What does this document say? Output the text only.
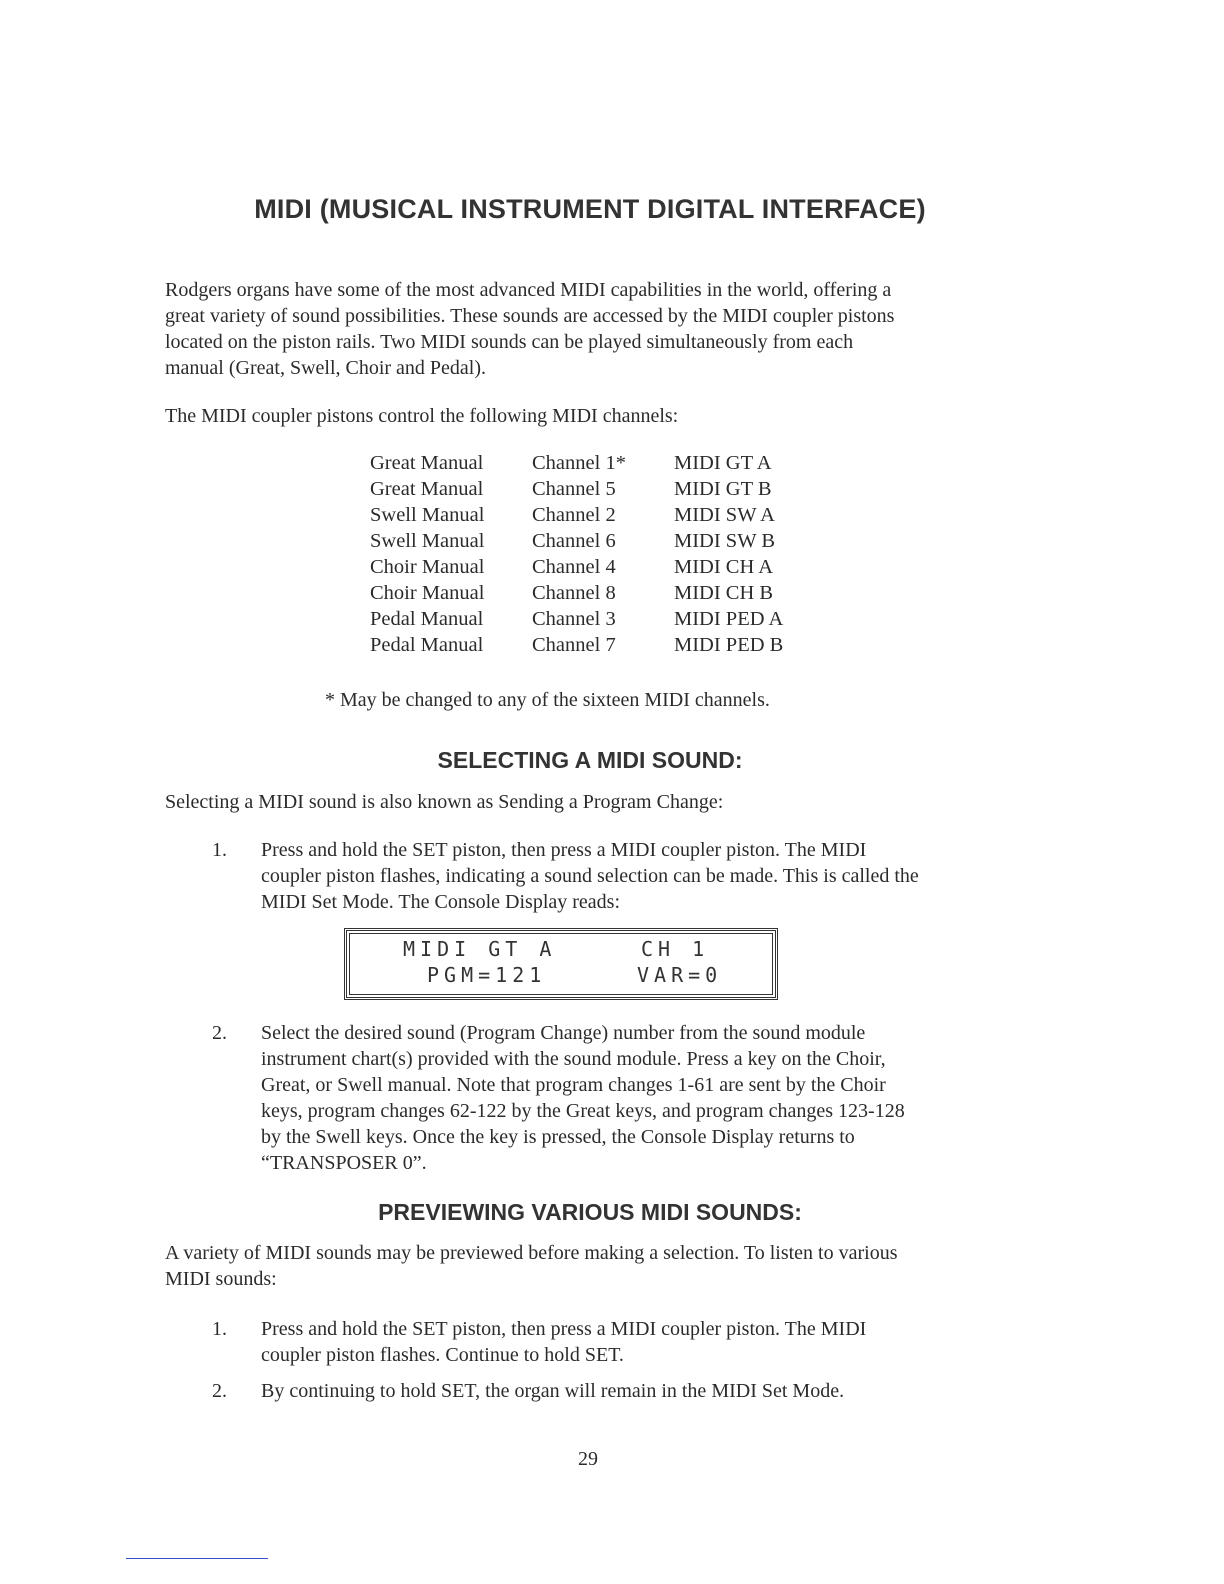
MIDI (MUSICAL INSTRUMENT DIGITAL INTERFACE)

Rodgers organs have some of the most advanced MIDI capabilities in the world, offering a
great variety of sound possibilities. These sounds are accessed by the MIDI coupler pistons
located on the piston rails. Two MIDI sounds can be played simultaneously from each
manual (Great, Swell, Choir and Pedal).

The MIDI coupler pistons control the following MIDI channels:

Great Manual Channel 1* MIDI GT A
Great Manual Channel 5	MIDI GT B
Swell Manual Channel 2	MIDI SW A
Swell Manual Channel 6	MIDI SW B
Choir Manual Channel 4	MIDI CH A
Choir Manual Channel 8	MIDI CH B
Pedal Manual Channel 3	MIDI PED A
Pedal Manual Channel 7	MIDI PED B

* May be changed to any of the sixteen MIDI channels.

SELECTING A MIDI SOUND:

Selecting a MIDI sound is also known as Sending a Program Change:

1. Press and hold the SET piston, then press a MIDI coupler piston. The MIDI
coupler piston flashes, indicating a sound selection can be made. This is called the
MIDI Set Mode. The Console Display reads:
MIDI GT A	CH 1
PGM=121	VAR=0
2. Select the desired sound (Program Change) number from the sound module
instrument chart(s) provided with the sound module. Press a key on the Choir,
Great, or Swell manual. Note that program changes 1-61 are sent by the Choir
keys, program changes 62-122 by the Great keys, and program changes 123-128
by the Swell keys. Once the key is pressed, the Console Display returns to
“TRANSPOSER 0”.
PREVIEWING VARIOUS MIDI SOUNDS:

A variety of MIDI sounds may be previewed before making a selection. To listen to various
MIDI sounds:

1. Press and hold the SET piston, then press a MIDI coupler piston. The MIDI
coupler piston flashes. Continue to hold SET.
2. By continuing to hold SET, the organ will remain in the MIDI Set Mode.
29
